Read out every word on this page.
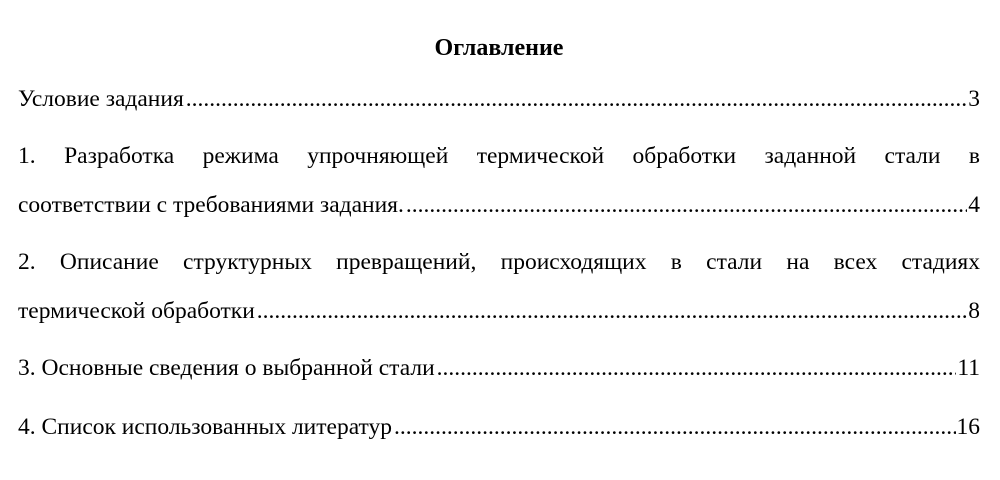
Оглавление
Условие задания .....	3
1. Разработка режима упрочняющей термической обработки заданной стали в
соответствии с требованиями задания. .....	4
2. Описание структурных превращений, происходящих в стали на всех стадиях
термической обработки .....	8
3. Основные сведения о выбранной стали .....	11
4. Список использованных литератур .....	16
